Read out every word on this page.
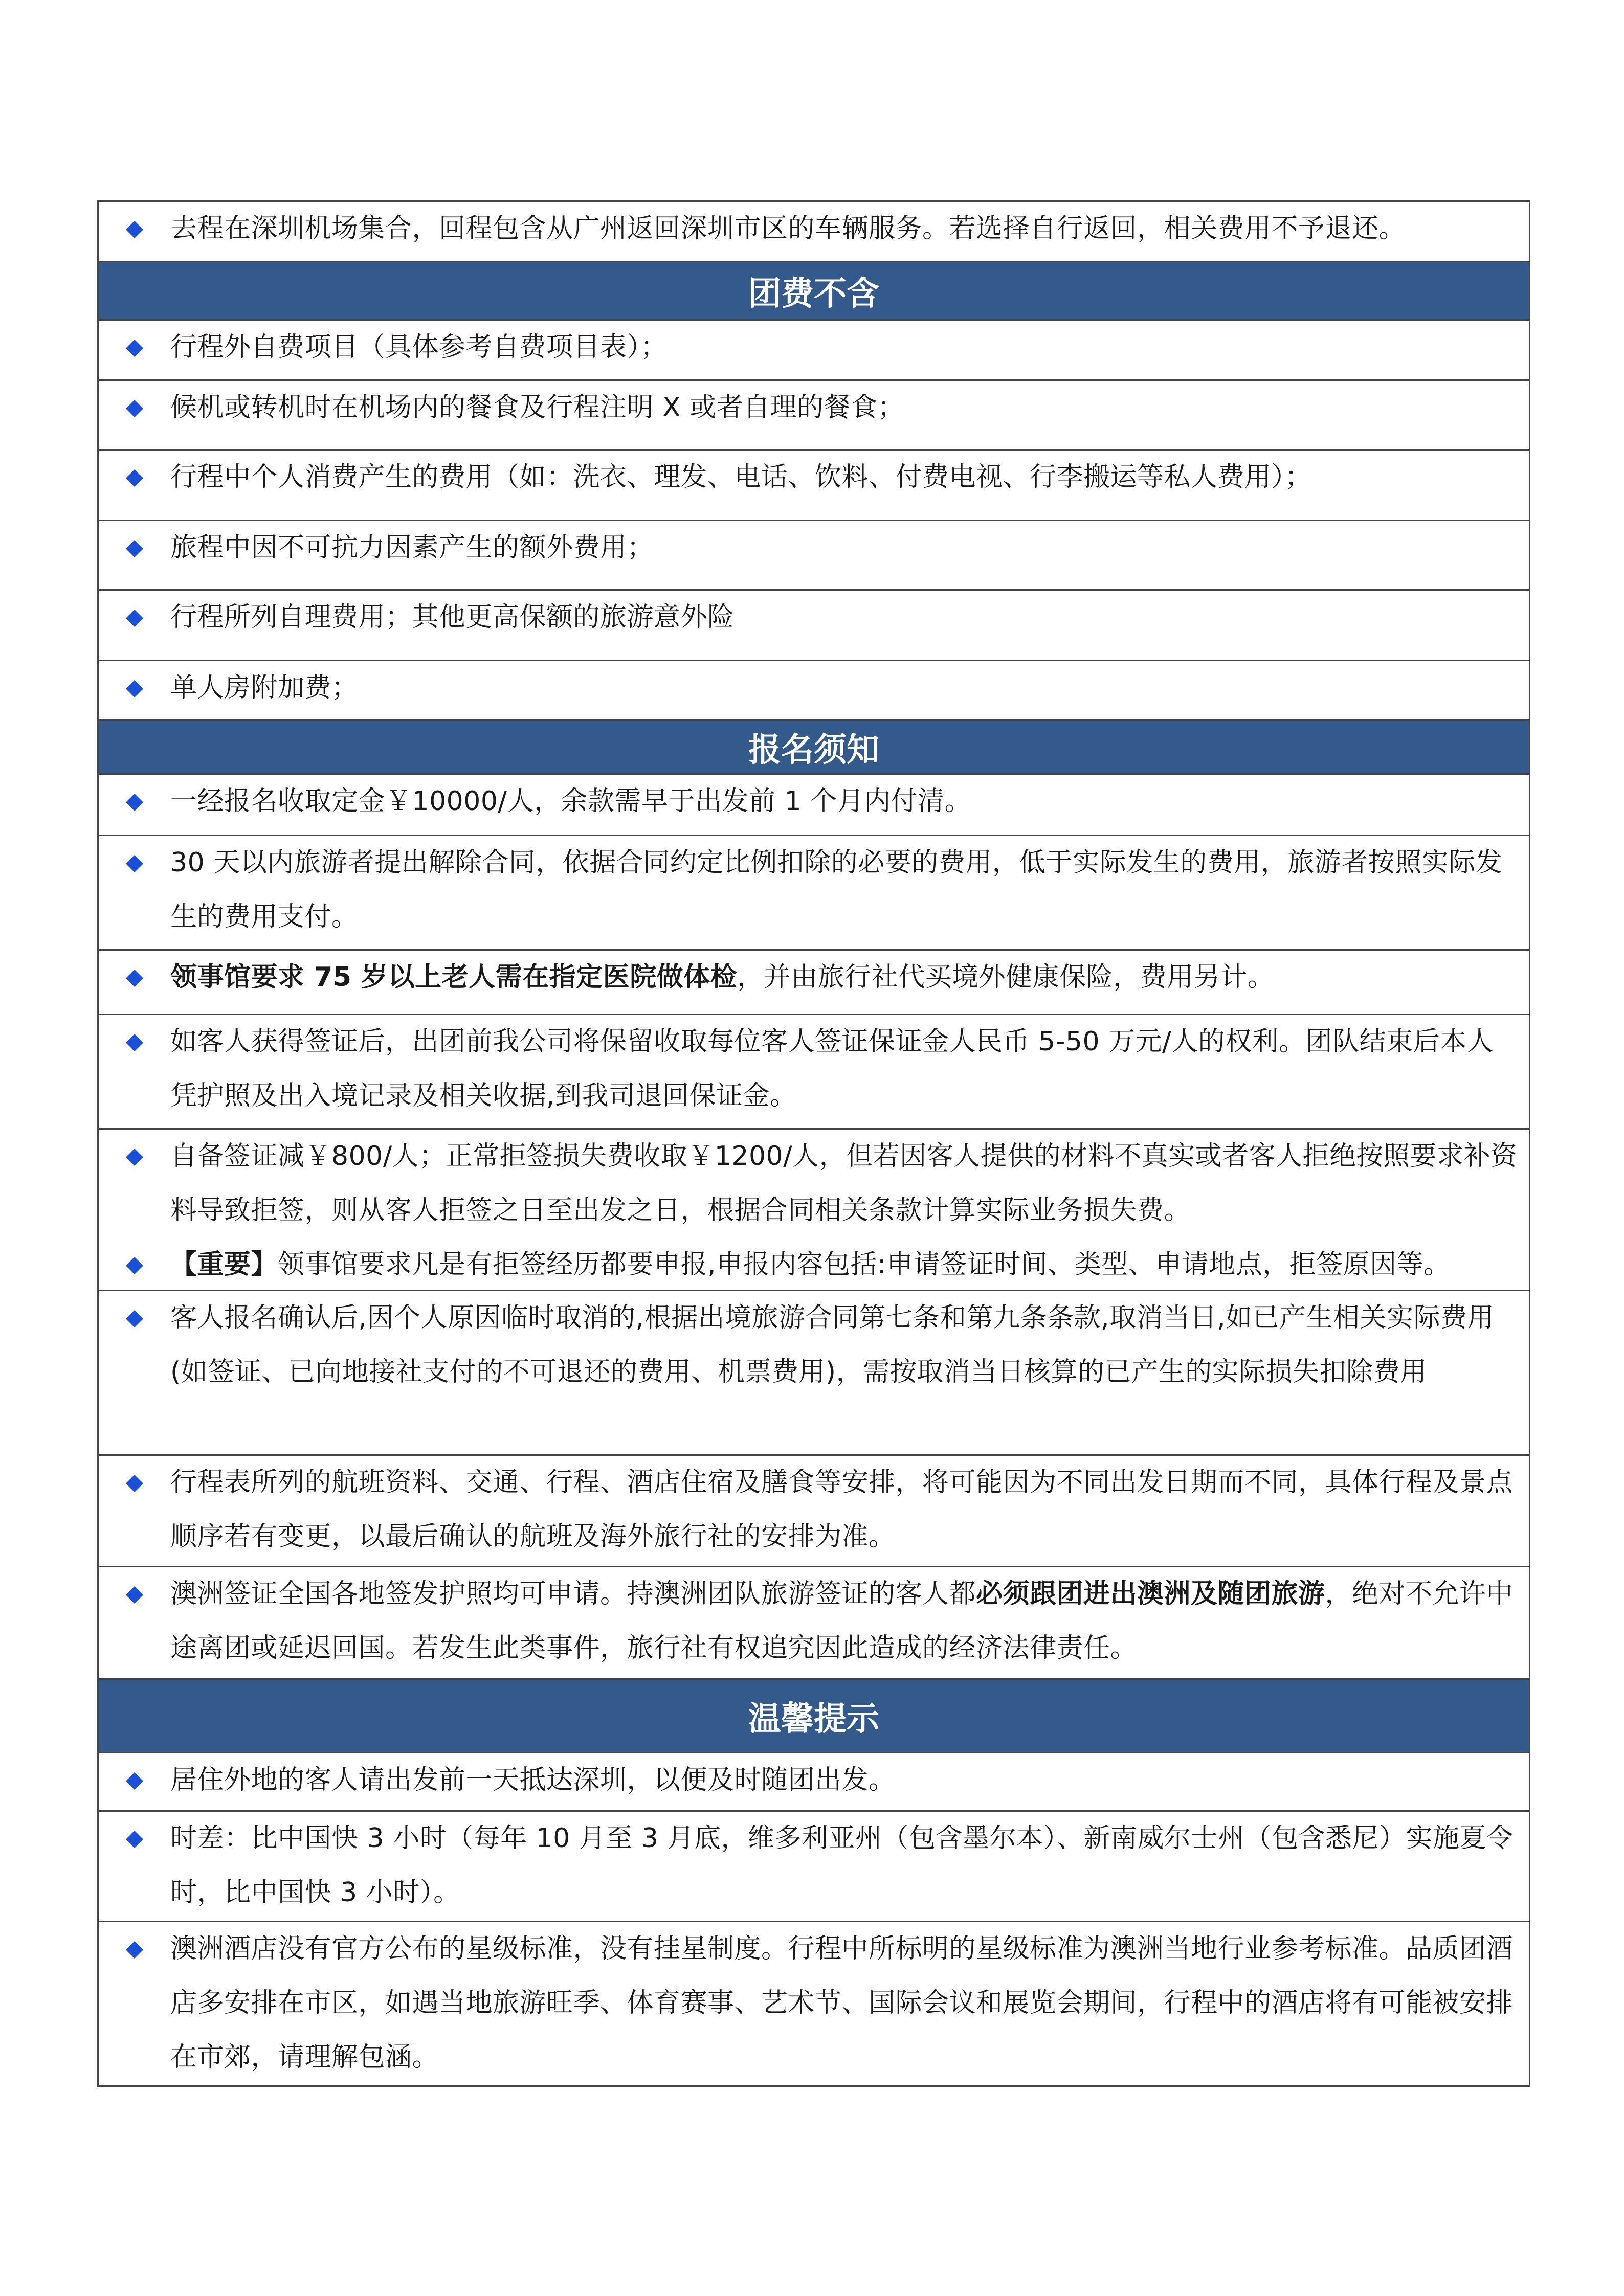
去程在深圳机场集合，回程包含从广州返回深圳市区的车辆服务。若选择自行返回，相关费用不予退还。
团费不含
行程外自费项目（具体参考自费项目表）；
候机或转机时在机场内的餐食及行程注明 X 或者自理的餐食；
行程中个人消费产生的费用（如：洗衣、理发、电话、饮料、付费电视、行李搬运等私人费用）；
旅程中因不可抗力因素产生的额外费用；
行程所列自理费用；其他更高保额的旅游意外险
单人房附加费；
报名须知
一经报名收取定金￥10000/人，余款需早于出发前 1 个月内付清。
30 天以内旅游者提出解除合同，依据合同约定比例扣除的必要的费用，低于实际发生的费用，旅游者按照实际发生的费用支付。
领事馆要求 75 岁以上老人需在指定医院做体检，并由旅行社代买境外健康保险，费用另计。
如客人获得签证后，出团前我公司将保留收取每位客人签证保证金人民币 5-50 万元/人的权利。团队结束后本人凭护照及出入境记录及相关收据,到我司退回保证金。
自备签证减￥800/人；正常拒签损失费收取￥1200/人，但若因客人提供的材料不真实或者客人拒绝按照要求补资料导致拒签，则从客人拒签之日至出发之日，根据合同相关条款计算实际业务损失费。
【重要】领事馆要求凡是有拒签经历都要申报,申报内容包括:申请签证时间、类型、申请地点，拒签原因等。
客人报名确认后,因个人原因临时取消的,根据出境旅游合同第七条和第九条条款,取消当日,如已产生相关实际费用(如签证、已向地接社支付的不可退还的费用、机票费用)，需按取消当日核算的已产生的实际损失扣除费用
行程表所列的航班资料、交通、行程、酒店住宿及膳食等安排，将可能因为不同出发日期而不同，具体行程及景点顺序若有变更，以最后确认的航班及海外旅行社的安排为准。
澳洲签证全国各地签发护照均可申请。持澳洲团队旅游签证的客人都必须跟团进出澳洲及随团旅游，绝对不允许中途离团或延迟回国。若发生此类事件，旅行社有权追究因此造成的经济法律责任。
温馨提示
居住外地的客人请出发前一天抵达深圳，以便及时随团出发。
时差：比中国快 3 小时（每年 10 月至 3 月底，维多利亚州（包含墨尔本）、新南威尔士州（包含悉尼）实施夏令时，比中国快 3 小时）。
澳洲酒店没有官方公布的星级标准，没有挂星制度。行程中所标明的星级标准为澳洲当地行业参考标准。品质团酒店多安排在市区，如遇当地旅游旺季、体育赛事、艺术节、国际会议和展览会期间，行程中的酒店将有可能被安排在市郊，请理解包涵。
